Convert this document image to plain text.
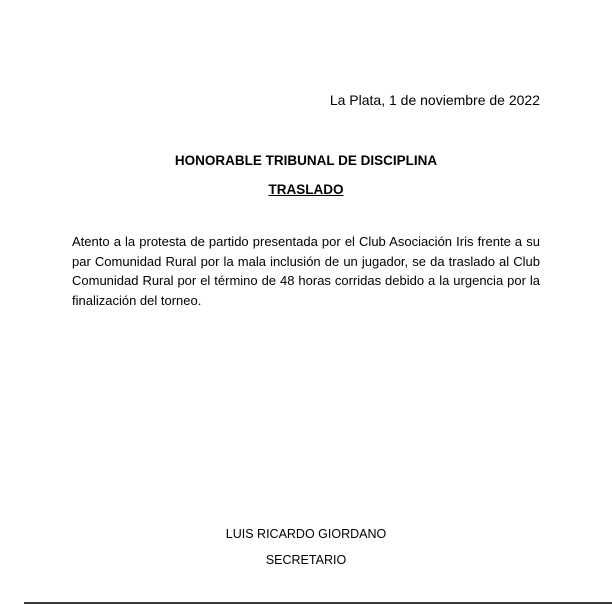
La Plata, 1 de noviembre de 2022
HONORABLE TRIBUNAL DE DISCIPLINA
TRASLADO
Atento a la protesta de partido presentada por el Club Asociación Iris frente a su par Comunidad Rural por la mala inclusión de un jugador, se da traslado al Club Comunidad Rural por el término de 48 horas corridas debido a la urgencia por la finalización del torneo.
LUIS RICARDO GIORDANO
SECRETARIO
